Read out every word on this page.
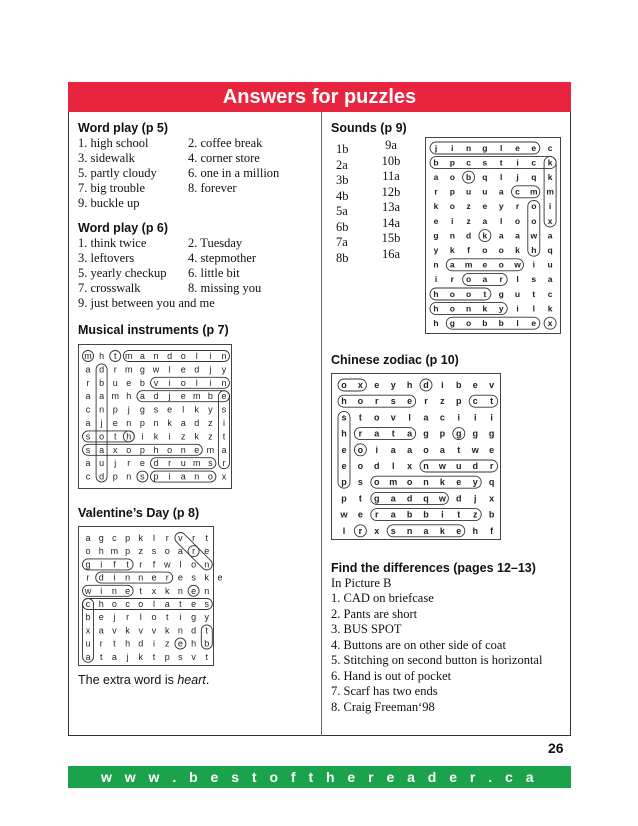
Answers for puzzles
Word play (p 5)
1. high school
3. sidewalk
5. partly cloudy
7. big trouble
9. buckle up
2. coffee break
4. corner store
6. one in a million
8. forever
Word play (p 6)
1. think twice
3. leftovers
5. yearly checkup
7. crosswalk
9. just between you and me
2. Tuesday
4. stepmother
6. little bit
8. missing you
Musical instruments (p 7)
m h t m a n d o l i n
a d r m g w l e d j y
r b u e b v i o l i n
a a m h a d j e m b e
c n p j g s e l k y s
a j e n p n k a d z i
s o t h i k i z k z t
s a x o p h o n e m a
a u j r e d r u m s r
c d p n s p i a n o x
Valentine’s Day (p 8)
a g c p k l r v r t
o h m p z s o a r e
g i f t r f w l o n
r d i n n e r e s k e
w i n e t x k n e n
c h o c o l a t e s
b e j r l o t i g y
x a v k v v k n d t
u r t h d i z e h b
a t a j k t p s v t
The extra word is heart.
Sounds (p 9)
1b
2a
3b
4b
5a
6b
7a
8b
9a
10b
11a
12b
13a
14a
15b
16a
j i n g l e e c
b p c s t i c k
a o b q l j q k
r p u u a c m m
k o z e y r o i
e i z a l o o x
g n d k a a w a
y k f o o k h q
n a m e o w i u
i r o a r l s a
h o o t g u t c
h o n k y i l k
h g o b b l e x
Chinese zodiac (p 10)
o x e y h d i b e v
h o r s e r z p c t
s t o v l a c i i i
h r a t a g p g g g
e o i a a o a t w e
e o d l x n w u d r
p s o m o n k e y q
p t g a d q w d j x
w e r a b b i t z b
l r x s n a k e h f
Find the differences (pages 12–13)
In Picture B
1. CAD on briefcase
2. Pants are short
3. BUS SPOT
4. Buttons are on other side of coat
5. Stitching on second button is horizontal
6. Hand is out of pocket
7. Scarf has two ends
8. Craig Freeman‘98
26
w w w . b e s t o f t h e r e a d e r . c a
